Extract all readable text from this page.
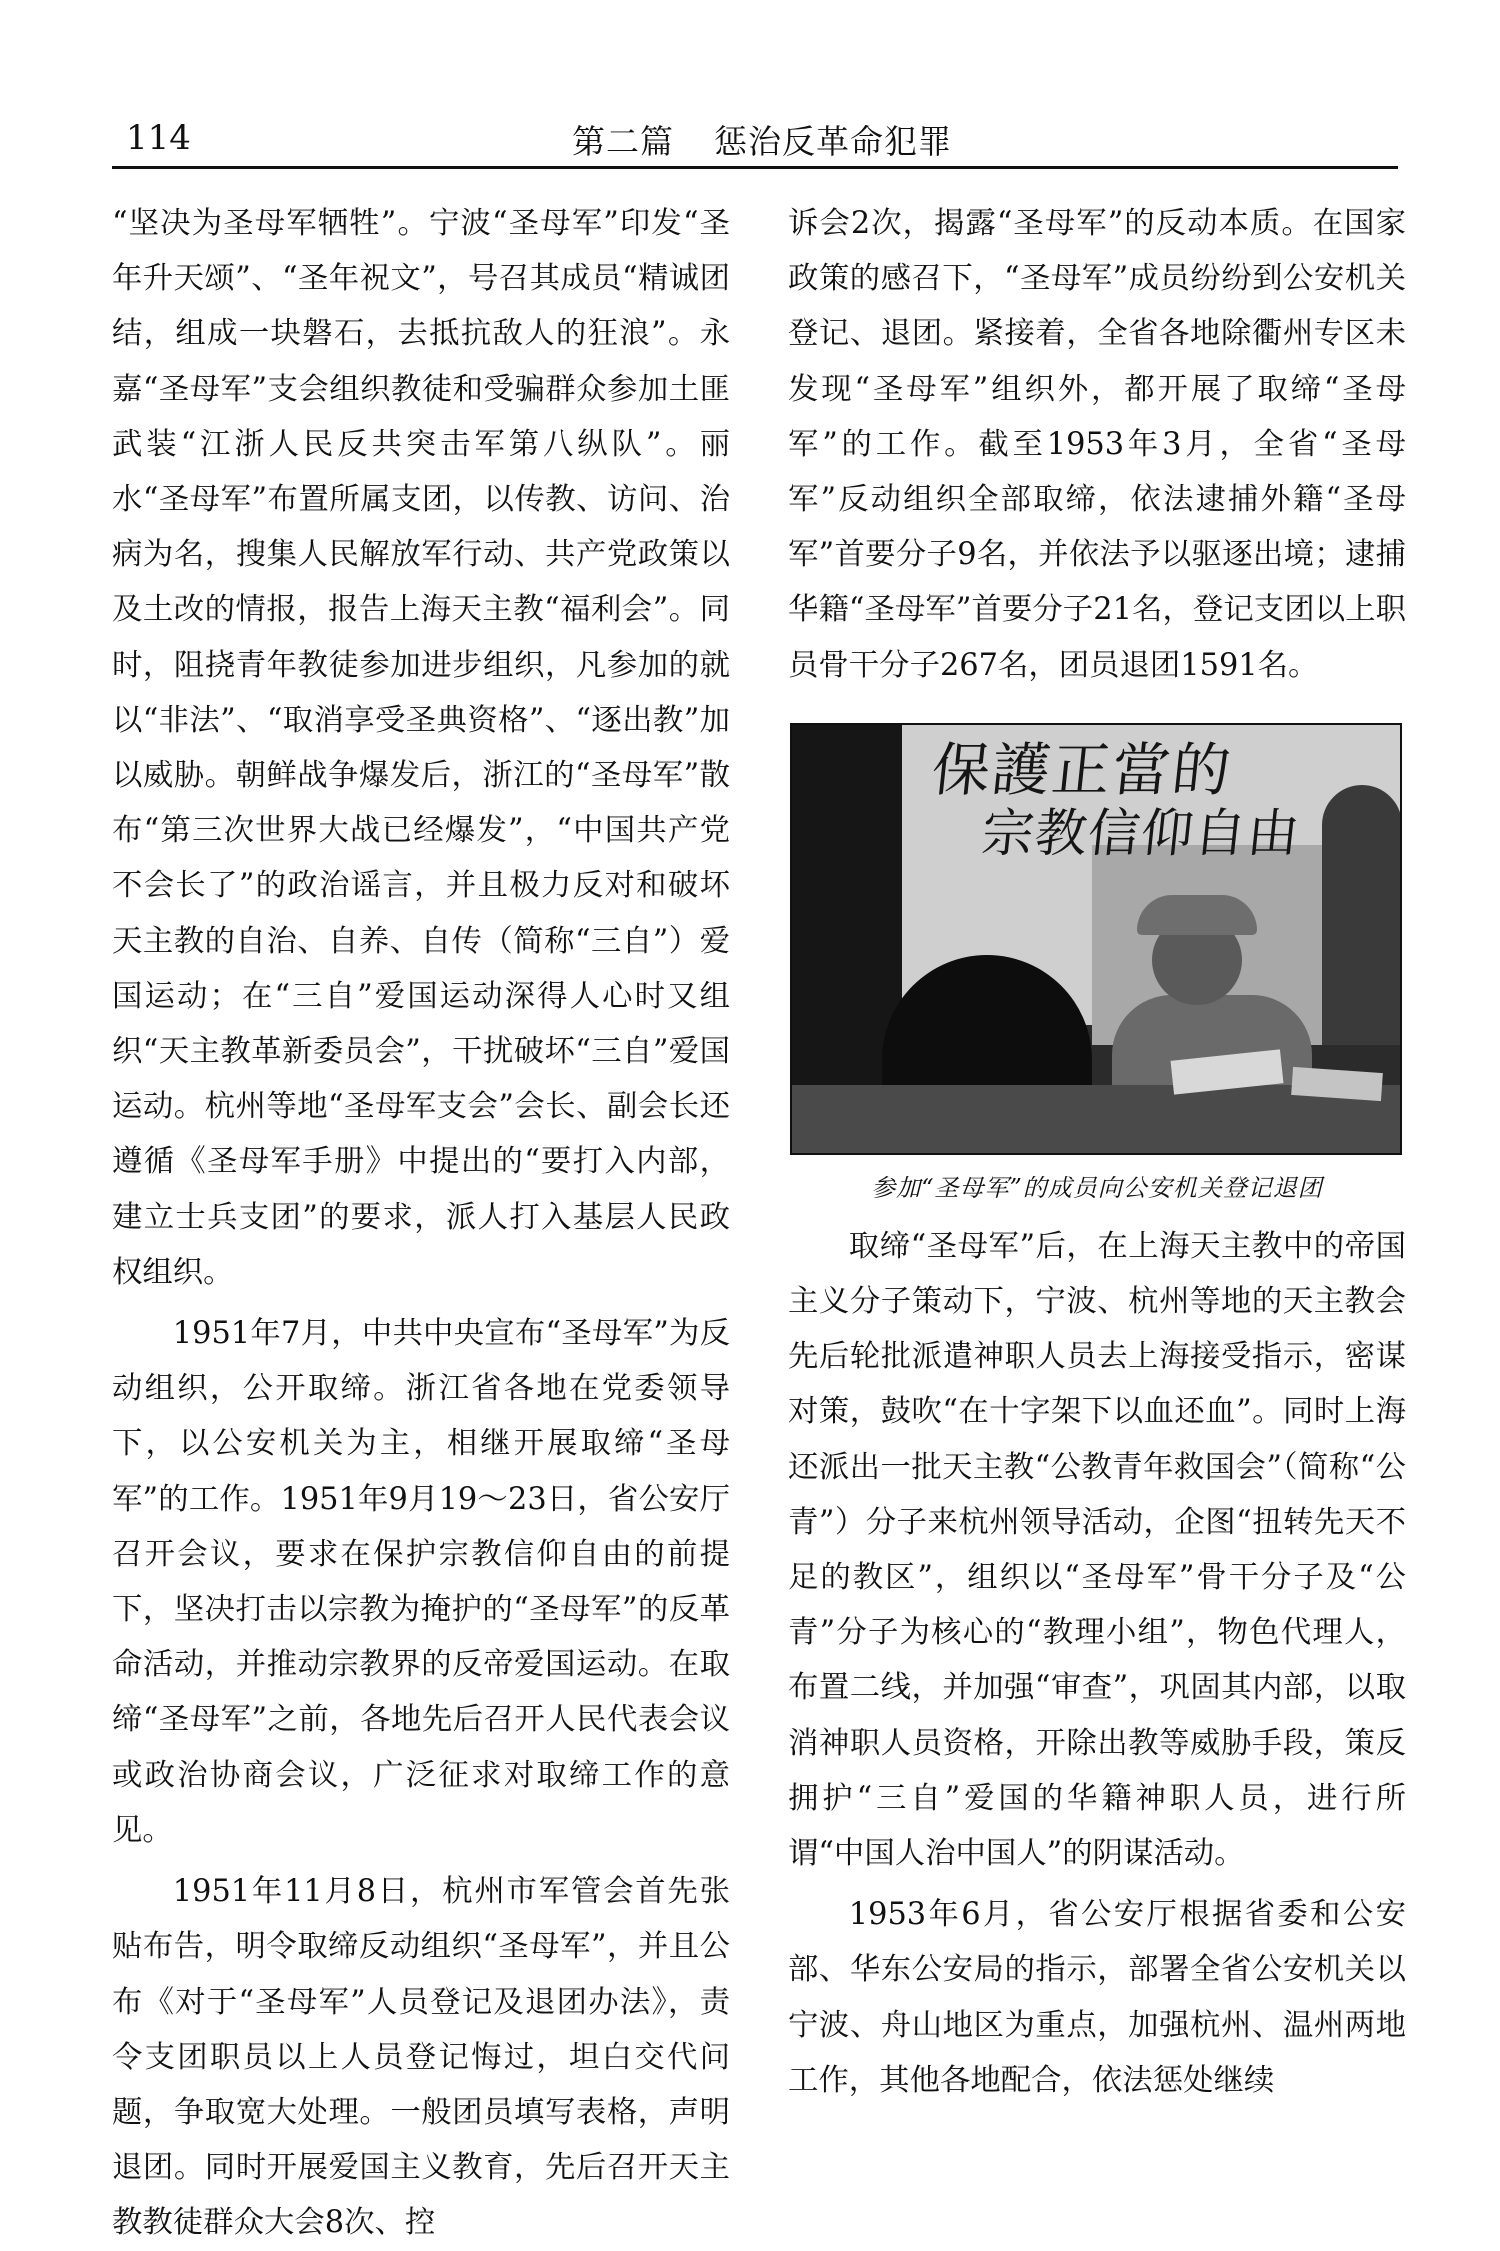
114	第二篇 惩治反革命犯罪

“坚决为圣母军牺牲”。宁波“圣母军”印发“圣年升天颂”、“圣年祝文”，号召其成员“精诚团结，组成一块磐石，去抵抗敌人的狂浪”。永嘉“圣母军”支会组织教徒和受骗群众参加土匪武装“江浙人民反共突击军第八纵队”。丽水“圣母军”布置所属支团，以传教、访问、治病为名，搜集人民解放军行动、共产党政策以及土改的情报，报告上海天主教“福利会”。同时，阻挠青年教徒参加进步组织，凡参加的就以“非法”、“取消享受圣典资格”、“逐出教”加以威胁。朝鲜战争爆发后，浙江的“圣母军”散布“第三次世界大战已经爆发”，“中国共产党不会长了”的政治谣言，并且极力反对和破坏天主教的自治、自养、自传（简称“三自”）爱国运动；在“三自”爱国运动深得人心时又组织“天主教革新委员会”，干扰破坏“三自”爱国运动。杭州等地“圣母军支会”会长、副会长还遵循《圣母军手册》中提出的“要打入内部，建立士兵支团”的要求，派人打入基层人民政权组织。

1951年7月，中共中央宣布“圣母军”为反动组织，公开取缔。浙江省各地在党委领导下，以公安机关为主，相继开展取缔“圣母军”的工作。1951年9月19～23日，省公安厅召开会议，要求在保护宗教信仰自由的前提下，坚决打击以宗教为掩护的“圣母军”的反革命活动，并推动宗教界的反帝爱国运动。在取缔“圣母军”之前，各地先后召开人民代表会议或政治协商会议，广泛征求对取缔工作的意见。

1951年11月8日，杭州市军管会首先张贴布告，明令取缔反动组织“圣母军”，并且公布《对于“圣母军”人员登记及退团办法》，责令支团职员以上人员登记悔过，坦白交代问题，争取宽大处理。一般团员填写表格，声明退团。同时开展爱国主义教育，先后召开天主教教徒群众大会8次、控

诉会2次，揭露“圣母军”的反动本质。在国家政策的感召下，“圣母军”成员纷纷到公安机关登记、退团。紧接着，全省各地除衢州专区未发现“圣母军”组织外，都开展了取缔“圣母军”的工作。截至1953年3月，全省“圣母军”反动组织全部取缔，依法逮捕外籍“圣母军”首要分子9名，并依法予以驱逐出境；逮捕华籍“圣母军”首要分子21名，登记支团以上职员骨干分子267名，团员退团1591名。

保護正當的
宗教信仰自由
参加“圣母军”的成员向公安机关登记退团

取缔“圣母军”后，在上海天主教中的帝国主义分子策动下，宁波、杭州等地的天主教会先后轮批派遣神职人员去上海接受指示，密谋对策，鼓吹“在十字架下以血还血”。同时上海还派出一批天主教“公教青年救国会”（简称“公青”）分子来杭州领导活动，企图“扭转先天不足的教区”，组织以“圣母军”骨干分子及“公青”分子为核心的“教理小组”，物色代理人，布置二线，并加强“审查”，巩固其内部，以取消神职人员资格，开除出教等威胁手段，策反拥护“三自”爱国的华籍神职人员，进行所谓“中国人治中国人”的阴谋活动。

1953年6月，省公安厅根据省委和公安部、华东公安局的指示，部署全省公安机关以宁波、舟山地区为重点，加强杭州、温州两地工作，其他各地配合，依法惩处继续
